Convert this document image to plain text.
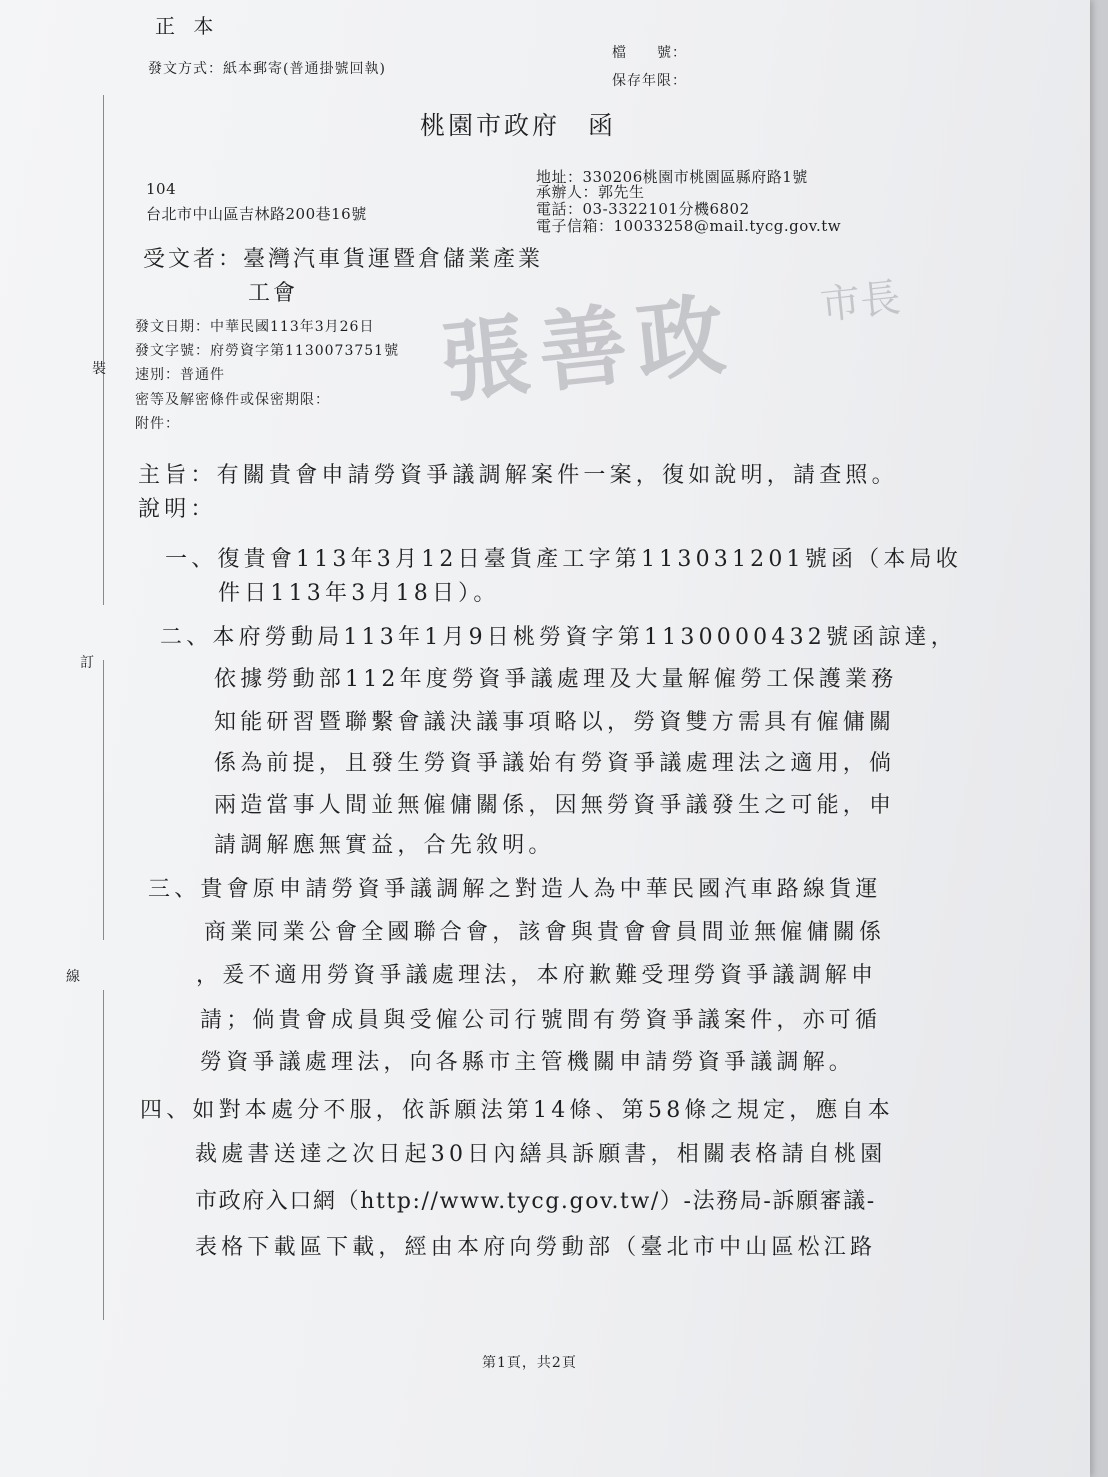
裝
訂
線
正 本
發文方式：紙本郵寄(普通掛號回執)
檔　　號：
保存年限：
桃園市政府　函
地址：330206桃園市桃園區縣府路1號
承辦人：郭先生
電話：03-3322101分機6802
電子信箱：10033258@mail.tycg.gov.tw
104
台北市中山區吉林路200巷16號
受文者：臺灣汽車貨運暨倉儲業產業
工會 張善政	市長
發文日期：中華民國113年3月26日
發文字號：府勞資字第1130073751號
速別：普通件
密等及解密條件或保密期限：
附件：
主旨：有關貴會申請勞資爭議調解案件一案，復如說明，請查照。
說明：
一、復貴會113年3月12日臺貨產工字第113031201號函（本局收
件日113年3月18日）。
二、本府勞動局113年1月9日桃勞資字第1130000432號函諒達，
依據勞動部112年度勞資爭議處理及大量解僱勞工保護業務
知能研習暨聯繫會議決議事項略以，勞資雙方需具有僱傭關
係為前提，且發生勞資爭議始有勞資爭議處理法之適用，倘
兩造當事人間並無僱傭關係，因無勞資爭議發生之可能，申
請調解應無實益，合先敘明。
三、貴會原申請勞資爭議調解之對造人為中華民國汽車路線貨運
商業同業公會全國聯合會，該會與貴會會員間並無僱傭關係
，爰不適用勞資爭議處理法，本府歉難受理勞資爭議調解申
請；倘貴會成員與受僱公司行號間有勞資爭議案件，亦可循
勞資爭議處理法，向各縣市主管機關申請勞資爭議調解。
四、如對本處分不服，依訴願法第14條、第58條之規定，應自本
裁處書送達之次日起30日內繕具訴願書，相關表格請自桃園
市政府入口網（http://www.tycg.gov.tw/）-法務局-訴願審議-
表格下載區下載，經由本府向勞動部（臺北市中山區松江路
第1頁，共2頁
